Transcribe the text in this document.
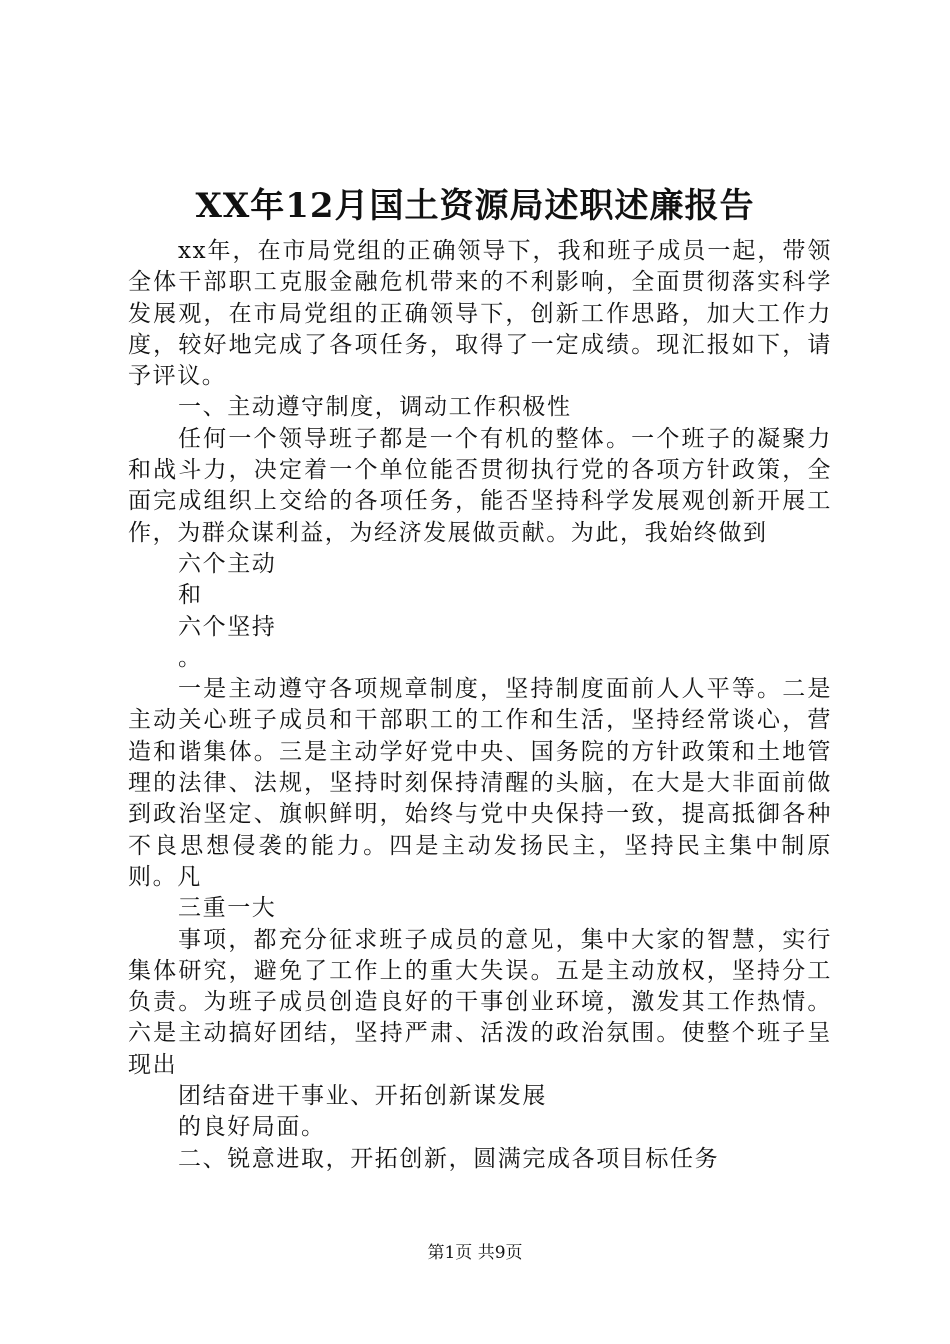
XX年12月国土资源局述职述廉报告

xx年，在市局党组的正确领导下，我和班子成员一起，带领全体干部职工克服金融危机带来的不利影响，全面贯彻落实科学发展观，在市局党组的正确领导下，创新工作思路，加大工作力度，较好地完成了各项任务，取得了一定成绩。现汇报如下，请予评议。

一、主动遵守制度，调动工作积极性

任何一个领导班子都是一个有机的整体。一个班子的凝聚力和战斗力，决定着一个单位能否贯彻执行党的各项方针政策，全面完成组织上交给的各项任务，能否坚持科学发展观创新开展工作，为群众谋利益，为经济发展做贡献。为此，我始终做到

六个主动

和

六个坚持

。

一是主动遵守各项规章制度，坚持制度面前人人平等。二是主动关心班子成员和干部职工的工作和生活，坚持经常谈心，营造和谐集体。三是主动学好党中央、国务院的方针政策和土地管理的法律、法规，坚持时刻保持清醒的头脑，在大是大非面前做到政治坚定、旗帜鲜明，始终与党中央保持一致，提高抵御各种不良思想侵袭的能力。四是主动发扬民主，坚持民主集中制原则。凡

三重一大

事项，都充分征求班子成员的意见，集中大家的智慧，实行集体研究，避免了工作上的重大失误。五是主动放权，坚持分工负责。为班子成员创造良好的干事创业环境，激发其工作热情。六是主动搞好团结，坚持严肃、活泼的政治氛围。使整个班子呈现出

团结奋进干事业、开拓创新谋发展

的良好局面。

二、锐意进取，开拓创新，圆满完成各项目标任务

第1页 共9页
